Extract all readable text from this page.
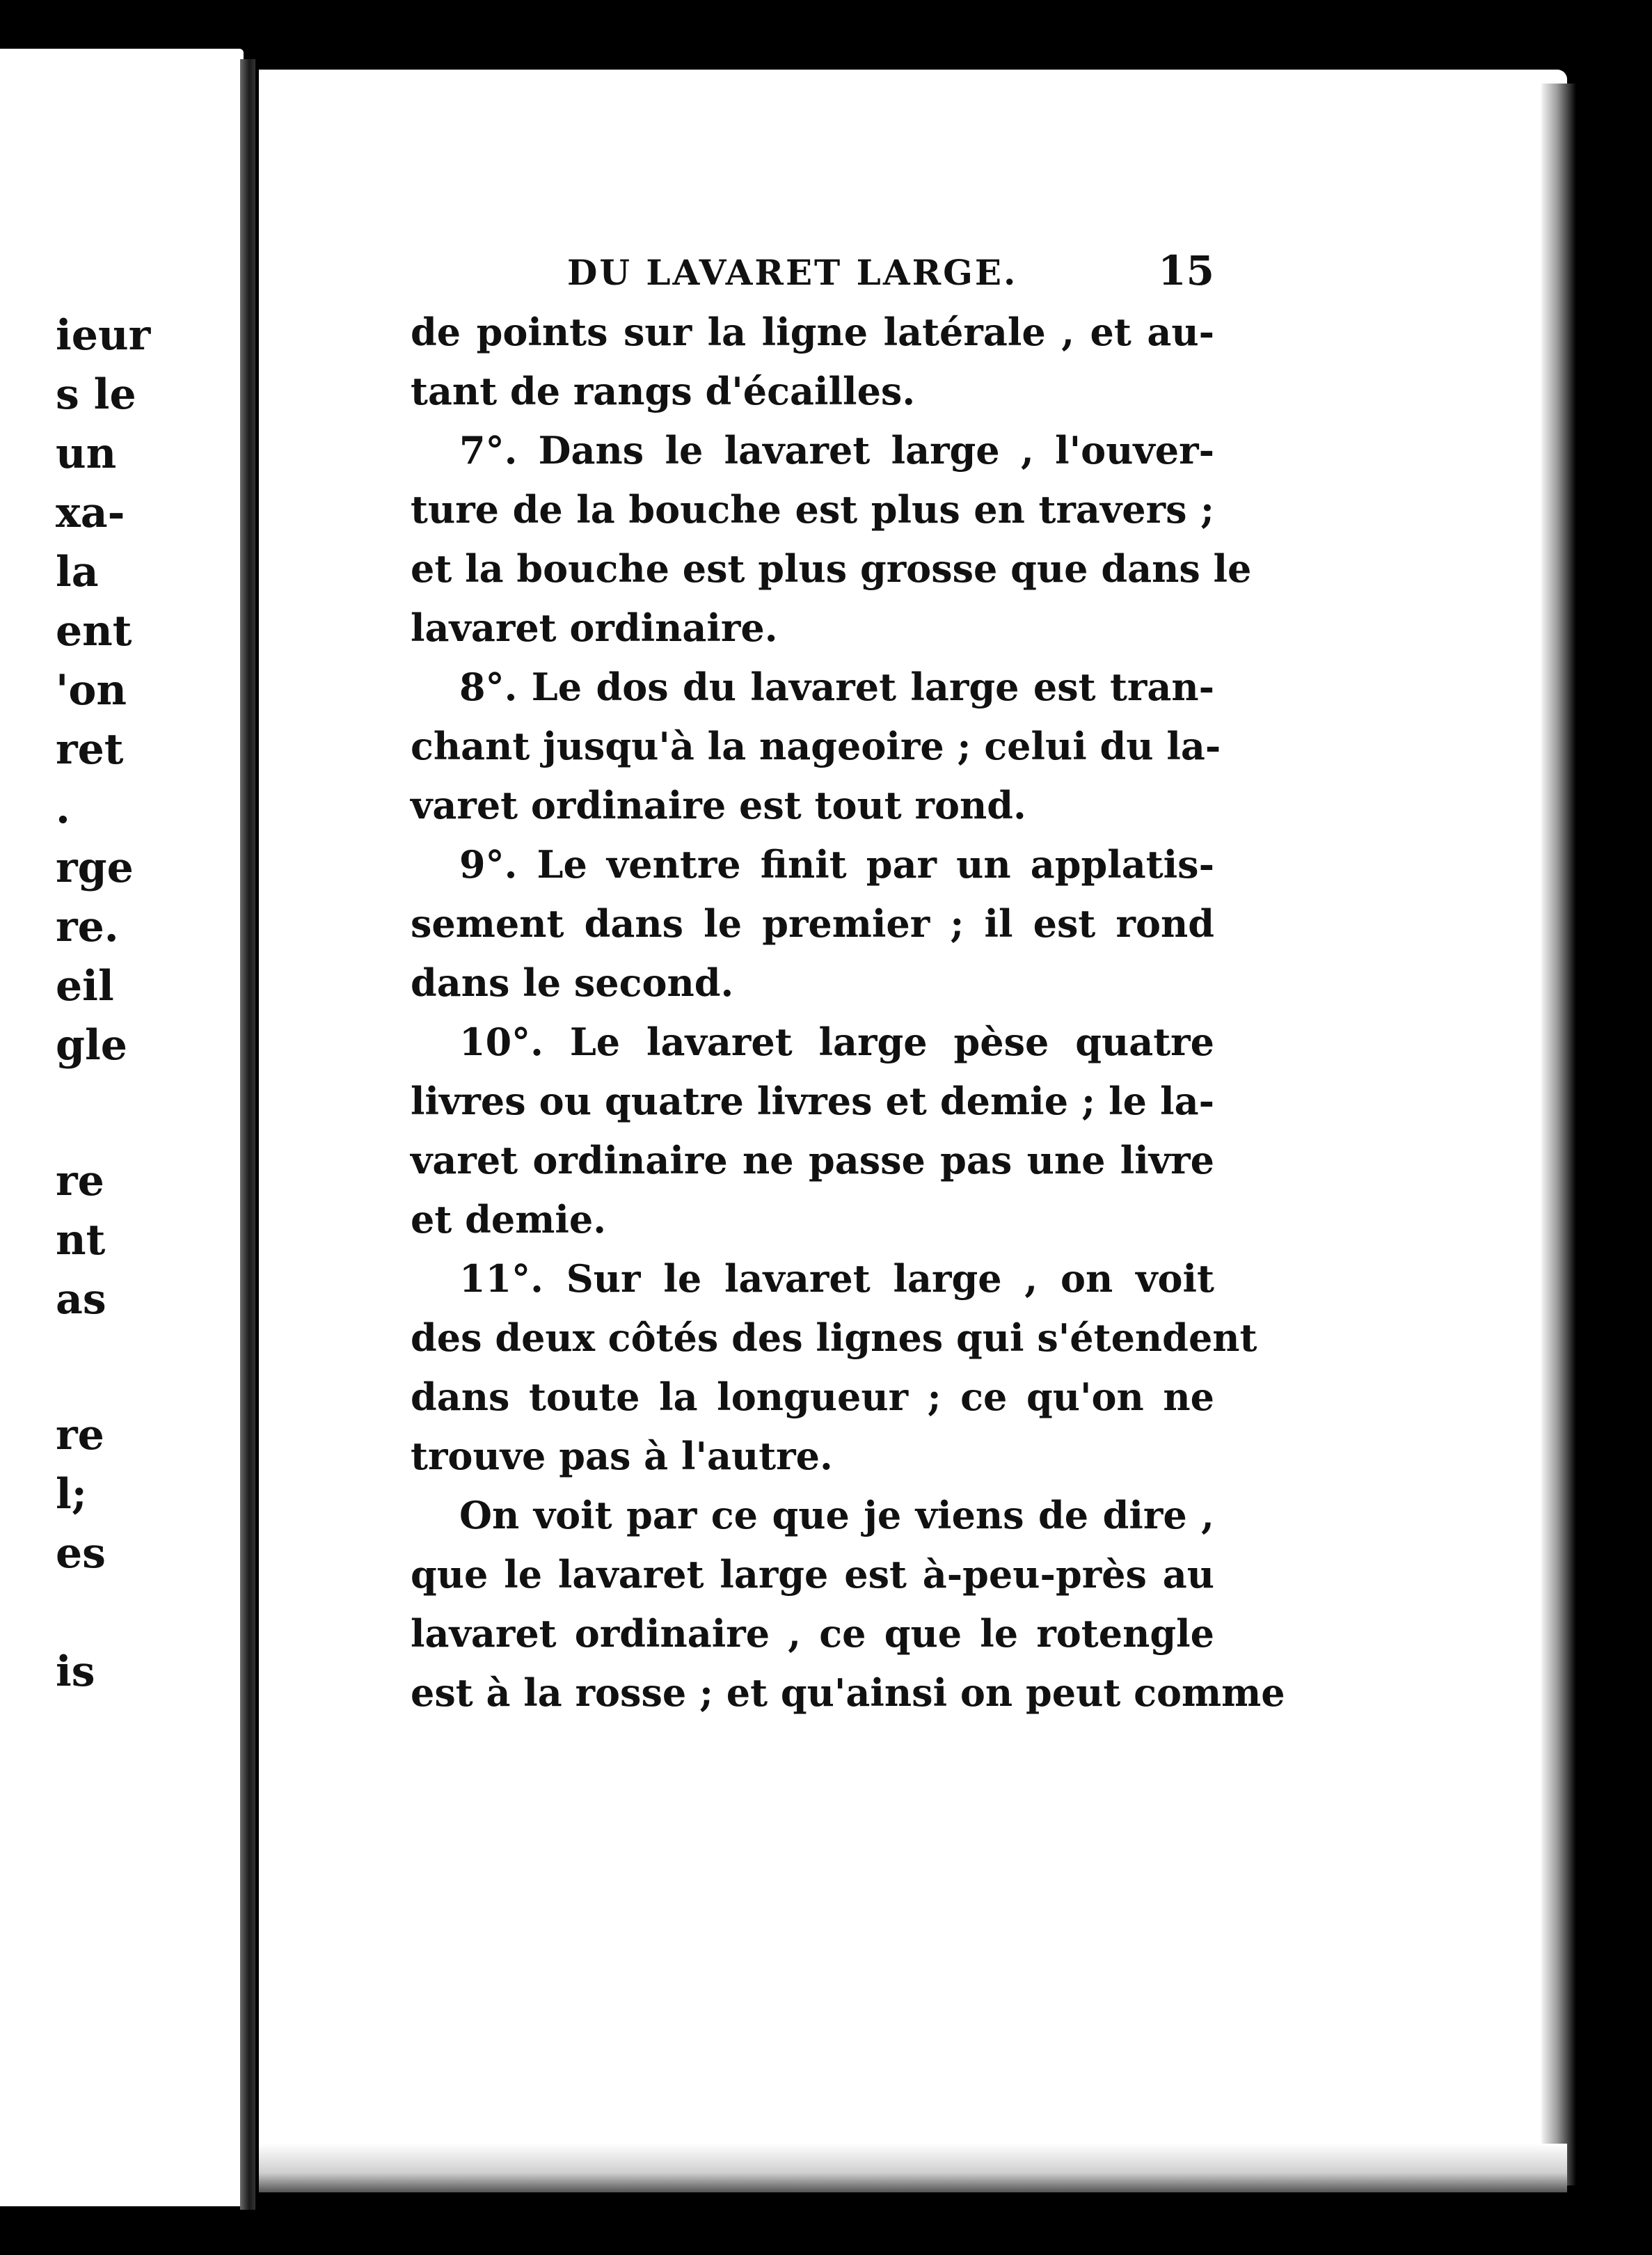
ieur
s le
un
xa-
la
ent
'on
ret
.
rge
re.
eil
gle
re
nt
as
re
l;
es
is
DU LAVARET LARGE.	15
de points sur la ligne latérale , et au-
tant de rangs d'écailles.
7°. Dans le lavaret large , l'ouver-
ture de la bouche est plus en travers ;
et la bouche est plus grosse que dans le
lavaret ordinaire.
8°. Le dos du lavaret large est tran-
chant jusqu'à la nageoire ; celui du la-
varet ordinaire est tout rond.
9°. Le ventre finit par un applatis-
sement dans le premier ; il est rond
dans le second.
10°. Le lavaret large pèse quatre
livres ou quatre livres et demie ; le la-
varet ordinaire ne passe pas une livre
et demie.
11°. Sur le lavaret large , on voit
des deux côtés des lignes qui s'étendent
dans toute la longueur ; ce qu'on ne
trouve pas à l'autre.
On voit par ce que je viens de dire ,
que le lavaret large est à-peu-près au
lavaret ordinaire , ce que le rotengle
est à la rosse ; et qu'ainsi on peut comme
